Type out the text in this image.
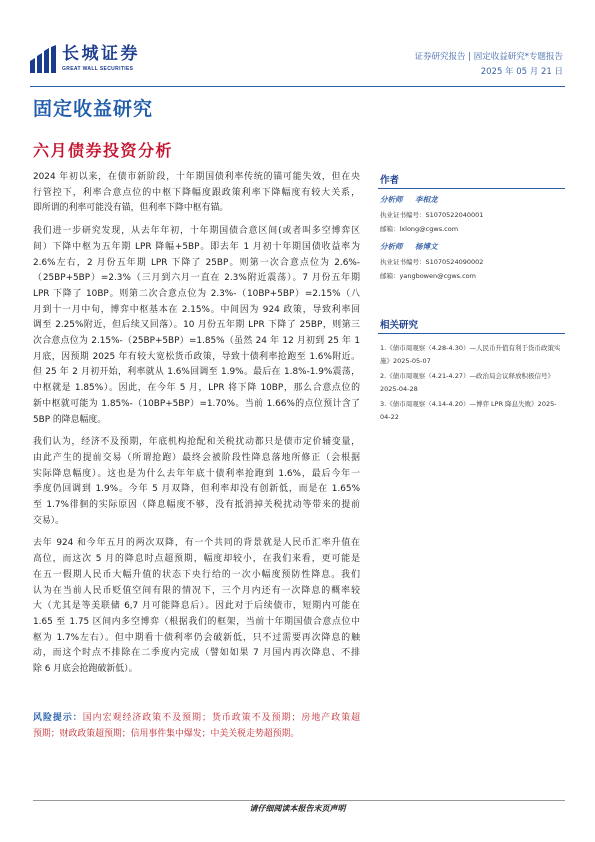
长城证券
GREAT WALL SECURITIES
证券研究报告 | 固定收益研究*专题报告
2025 年 05 月 21 日
固定收益研究
六月债券投资分析
2024 年初以来，在债市新阶段，十年期国债利率传统的锚可能失效，但在央
行管控下，利率合意点位的中枢下降幅度跟政策利率下降幅度有较大关系，
即所谓的利率可能没有锚，但利率下降中枢有锚。
我们进一步研究发现，从去年年初，十年期国债合意区间(或者叫多空博弈区
间）下降中枢为五年期 LPR 降幅+5BP。即去年 1 月初十年期国债收益率为
2.6%左右，2 月份五年期 LPR 下降了 25BP。则第一次合意点位为 2.6%-
（25BP+5BP）=2.3%（三月到六月一直在 2.3%附近震荡）。7 月份五年期
LPR 下降了 10BP。则第二次合意点位为 2.3%-（10BP+5BP）=2.15%（八
月到十一月中旬，博弈中枢基本在 2.15%。中间因为 924 政策，导致利率回
调至 2.25%附近，但后续又回落）。10 月份五年期 LPR 下降了 25BP，则第三
次合意点位为 2.15%-（25BP+5BP）=1.85%（虽然 24 年 12 月初到 25 年 1
月底，因预期 2025 年有较大宽松货币政策，导致十债利率抢跑至 1.6%附近。
但 25 年 2 月初开始，利率就从 1.6%回调至 1.9%。最后在 1.8%-1.9%震荡，
中枢就是 1.85%）。因此，在今年 5 月，LPR 将下降 10BP，那么合意点位的
新中枢就可能为 1.85%-（10BP+5BP）=1.70%。当前 1.66%的点位预计含了
5BP 的降息幅度。
我们认为，经济不及预期，年底机构抢配和关税扰动都只是债市定价辅变量，
由此产生的提前交易（所谓抢跑）最终会被阶段性降息落地所修正（会根据
实际降息幅度）。这也是为什么去年年底十债利率抢跑到 1.6%，最后今年一
季度仍回调到 1.9%。今年 5 月双降，但利率却没有创新低，而是在 1.65%
至 1.7%徘徊的实际原因（降息幅度不够，没有抵消掉关税扰动等带来的提前
交易）。
去年 924 和今年五月的两次双降，有一个共同的背景就是人民币汇率升值在
高位，而这次 5 月的降息时点超预期，幅度却较小，在我们来看，更可能是
在五一假期人民币大幅升值的状态下央行给的一次小幅度预防性降息。我们
认为在当前人民币贬值空间有限的情况下，三个月内还有一次降息的概率较
大（尤其是等美联储 6,7 月可能降息后）。因此对于后续债市，短期内可能在
1.65 至 1.75 区间内多空博弈（根据我们的框架，当前十年期国债合意点位中
枢为 1.7%左右）。但中期看十债利率仍会破新低，只不过需要再次降息的触
动，而这个时点不排除在二季度内完成（譬如如果 7 月国内再次降息、不排
除 6 月底会抢跑破新低）。
风险提示：国内宏观经济政策不及预期；货币政策不及预期；房地产政策超
预期；财政政策超预期；信用事件集中爆发；中美关税走势超预期。
作者
分析师 李相龙
执业证书编号：S1070522040001
邮箱：lxlong@cgws.com
分析师 杨博文
执业证书编号：S1070524090002
邮箱：yangbowen@cgws.com
相关研究
1.《债市周观察（4.28-4.30）—人民币升值有利于货币政策实施》2025-05-07
2.《债市周观察（4.21-4.27）—政治局会议释放积极信号》2025-04-28
3.《债市周观察（4.14-4.20）—博弈 LPR 降息失败》2025-04-22
请仔细阅读本报告末页声明
